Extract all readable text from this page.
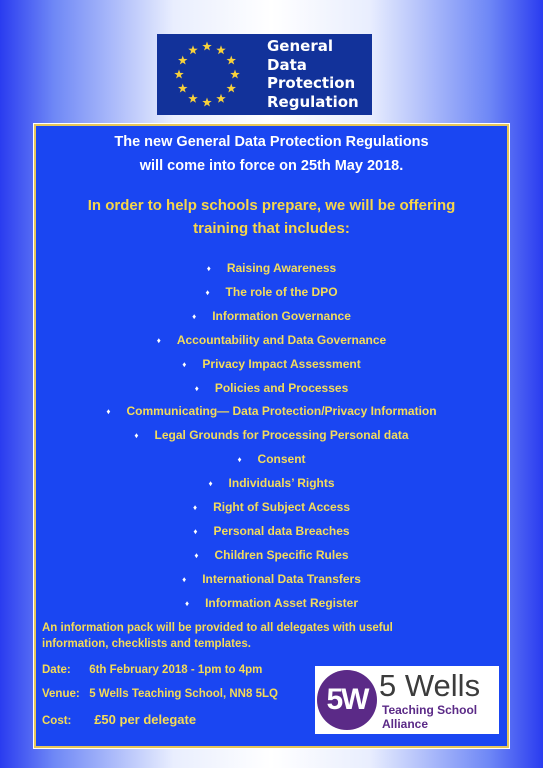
General
Data
Protection
Regulation
The new General Data Protection Regulations
will come into force on 25th May 2018.
In order to help schools prepare, we will be offering
training that includes:
♦ Raising Awareness
♦ The role of the DPO
♦ Information Governance
♦ Accountability and Data Governance
♦ Privacy Impact Assessment
♦ Policies and Processes
♦ Communicating— Data Protection/Privacy Information
♦ Legal Grounds for Processing Personal data
♦ Consent
♦ Individuals’ Rights
♦ Right of Subject Access
♦ Personal data Breaches
♦ Children Specific Rules
♦ International Data Transfers
♦ Information Asset Register
An information pack will be provided to all delegates with useful
information, checklists and templates.
Date: 6th February 2018 - 1pm to 4pm
Venue: 5 Wells Teaching School, NN8 5LQ
Cost: £50 per delegate
5W 5 Wells
Teaching School
Alliance
